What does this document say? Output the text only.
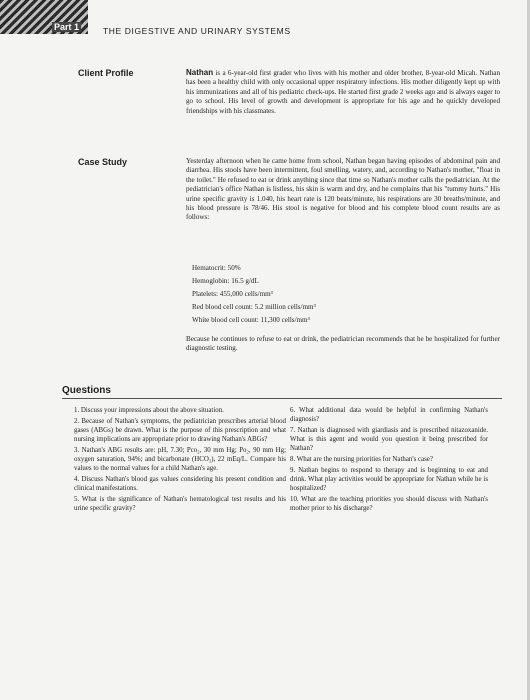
Part 1	THE DIGESTIVE AND URINARY SYSTEMS
Client Profile	Nathan is a 6-year-old first grader who lives with his mother and older brother, 8-year-old Micah. Nathan has been a healthy child with only occasional upper respiratory infections. His mother diligently kept up with his immunizations and all of his pediatric check-ups. He started first grade 2 weeks ago and is always eager to go to school. His level of growth and development is appropriate for his age and he quickly developed friendships with his classmates.
Case Study	Yesterday afternoon when he came home from school, Nathan began having episodes of abdominal pain and diarrhea. His stools have been intermittent, foul smelling, watery, and, according to Nathan's mother, "float in the toilet." He refused to eat or drink anything since that time so Nathan's mother calls the pediatrician. At the pediatrician's office Nathan is listless, his skin is warm and dry, and he complains that his "tummy hurts." His urine specific gravity is 1.040, his heart rate is 120 beats/minute, his respirations are 30 breaths/minute, and his blood pressure is 78/46. His stool is negative for blood and his complete blood count results are as follows:
Hematocrit: 50%
Hemoglobin: 16.5 g/dL
Platelets: 455,000 cells/mm³
Red blood cell count: 5.2 million cells/mm³
White blood cell count: 11,300 cells/mm³
Because he continues to refuse to eat or drink, the pediatrician recommends that he be hospitalized for further diagnostic testing.
Questions
1. Discuss your impressions about the above situation.
2. Because of Nathan's symptoms, the pediatrician prescribes arterial blood gases (ABGs) be drawn. What is the purpose of this prescription and what nursing implications are appropriate prior to drawing Nathan's ABGs?
3. Nathan's ABG results are: pH, 7.30; Pco₂, 30 mm Hg; Po₂, 90 mm Hg; oxygen saturation, 94%; and bicarbonate (HCO₃), 22 mEq/L. Compare his values to the normal values for a child Nathan's age.
4. Discuss Nathan's blood gas values considering his present condition and clinical manifestations.
5. What is the significance of Nathan's hematological test results and his urine specific gravity?
6. What additional data would be helpful in confirming Nathan's diagnosis?
7. Nathan is diagnosed with giardiasis and is prescribed nitazoxanide. What is this agent and would you question it being prescribed for Nathan?
8. What are the nursing priorities for Nathan's case?
9. Nathan begins to respond to therapy and is beginning to eat and drink. What play activities would be appropriate for Nathan while he is hospitalized?
10. What are the teaching priorities you should discuss with Nathan's mother prior to his discharge?
